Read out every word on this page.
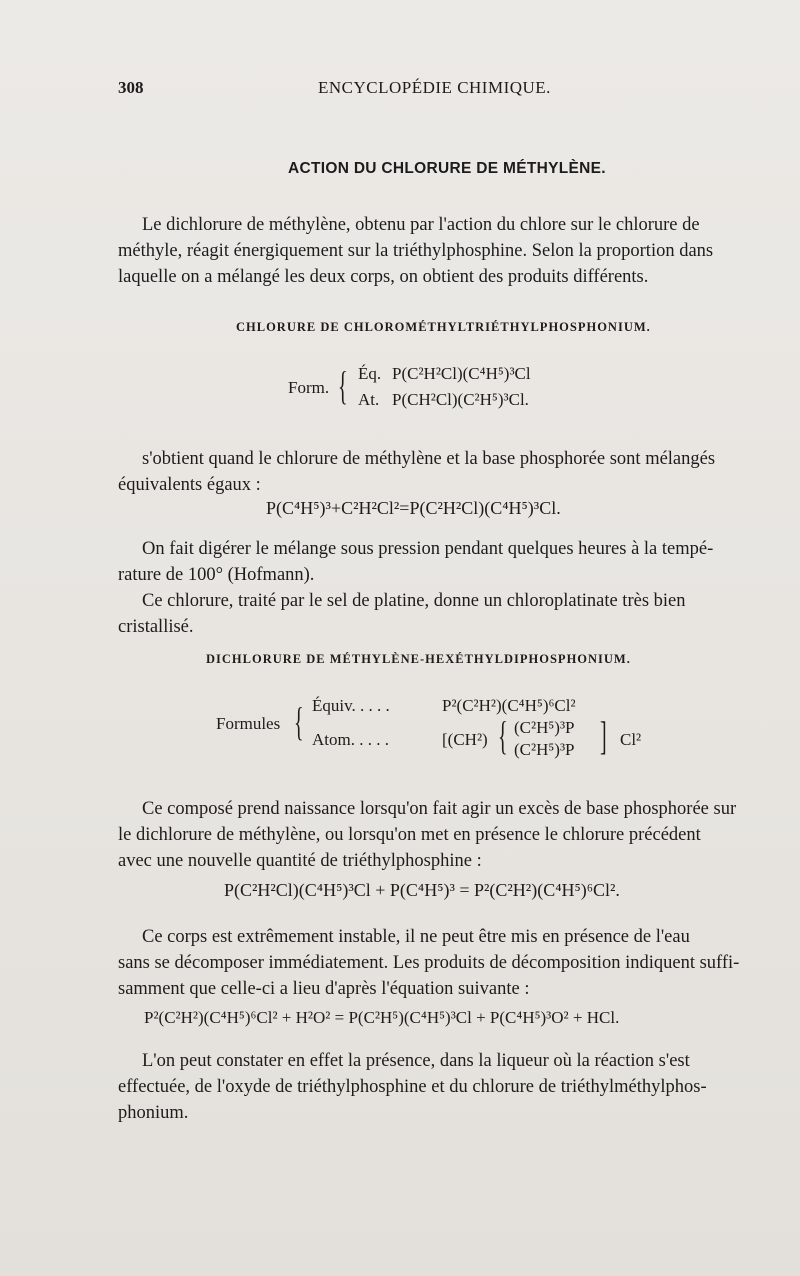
308	ENCYCLOPÉDIE CHIMIQUE.
ACTION DU CHLORURE DE MÉTHYLÈNE.
Le dichlorure de méthylène, obtenu par l'action du chlore sur le chlorure de
méthyle, réagit énergiquement sur la triéthylphosphine. Selon la proportion dans
laquelle on a mélangé les deux corps, on obtient des produits différents.
CHLORURE DE CHLOROMÉTHYLTRIÉTHYLPHOSPHONIUM.
Form. { Éq. P(C²H²Cl)(C⁴H⁵)³Cl
At. P(CH²Cl)(C²H⁵)³Cl.
s'obtient quand le chlorure de méthylène et la base phosphorée sont mélangés
équivalents égaux :
P(C⁴H⁵)³+C²H²Cl²=P(C²H²Cl)(C⁴H⁵)³Cl.
On fait digérer le mélange sous pression pendant quelques heures à la tempé-
rature de 100° (Hofmann).
Ce chlorure, traité par le sel de platine, donne un chloroplatinate très bien
cristallisé.
DICHLORURE DE MÉTHYLÈNE-HEXÉTHYLDIPHOSPHONIUM.
Formules { Équiv. . . . .	P²(C²H²)(C⁴H⁵)⁶Cl²
Atom. . . . .	[(CH²) { (C²H⁵)³P
(C²H⁵)³P ] Cl²
Ce composé prend naissance lorsqu'on fait agir un excès de base phosphorée sur
le dichlorure de méthylène, ou lorsqu'on met en présence le chlorure précédent
avec une nouvelle quantité de triéthylphosphine :
P(C²H²Cl)(C⁴H⁵)³Cl + P(C⁴H⁵)³ = P²(C²H²)(C⁴H⁵)⁶Cl².
Ce corps est extrêmement instable, il ne peut être mis en présence de l'eau
sans se décomposer immédiatement. Les produits de décomposition indiquent suffi-
samment que celle-ci a lieu d'après l'équation suivante :
P²(C²H²)(C⁴H⁵)⁶Cl² + H²O² = P(C²H⁵)(C⁴H⁵)³Cl + P(C⁴H⁵)³O² + HCl.
L'on peut constater en effet la présence, dans la liqueur où la réaction s'est
effectuée, de l'oxyde de triéthylphosphine et du chlorure de triéthylméthylphos-
phonium.
